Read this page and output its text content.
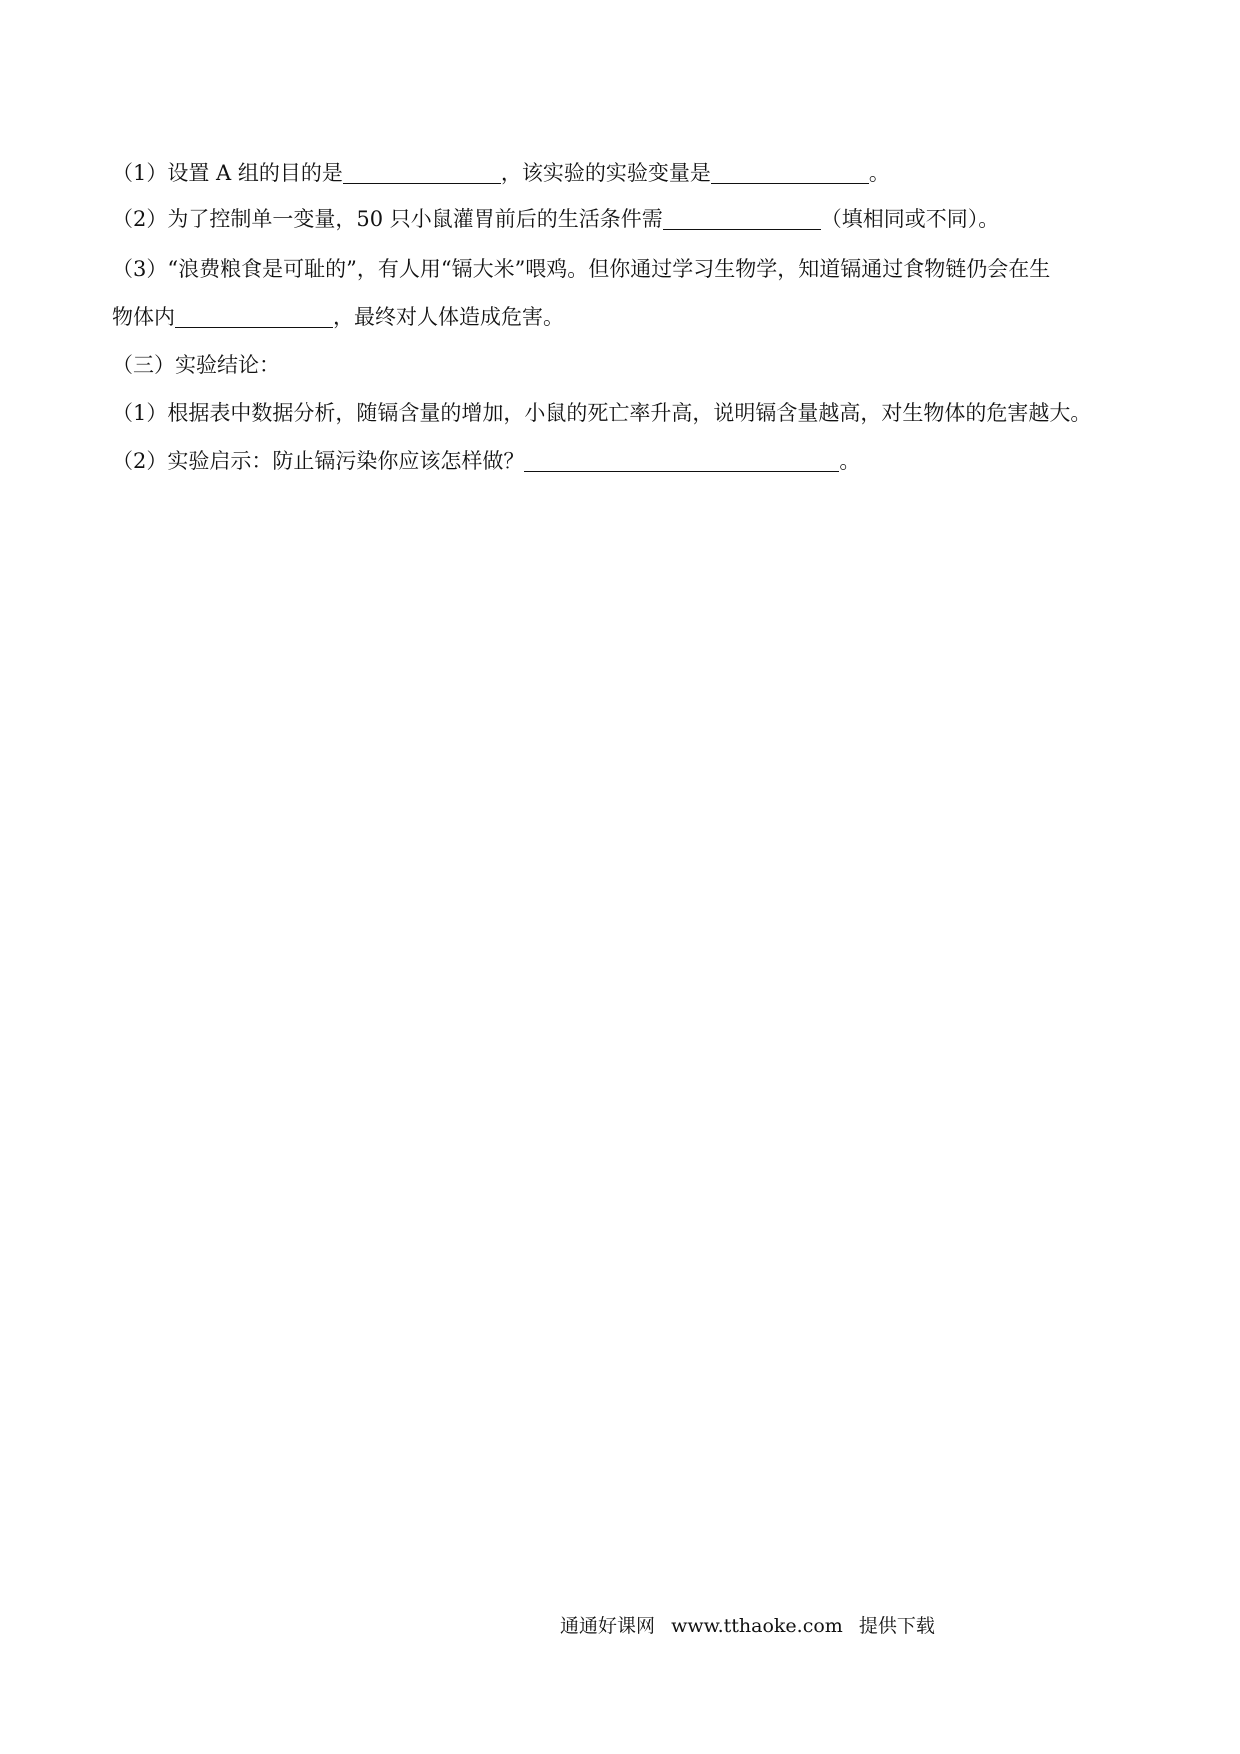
（1）设置 A 组的目的是	，该实验的实验变量是	。
（2）为了控制单一变量，50 只小鼠灌胃前后的生活条件需	（填相同或不同）。
（3）“浪费粮食是可耻的”，有人用“镉大米”喂鸡。但你通过学习生物学，知道镉通过食物链仍会在生
物体内	，最终对人体造成危害。
（三）实验结论：
（1）根据表中数据分析，随镉含量的增加，小鼠的死亡率升高，说明镉含量越高，对生物体的危害越大。
（2）实验启示：防止镉污染你应该怎样做？	。
通通好课网 www.tthaoke.com 提供下载
